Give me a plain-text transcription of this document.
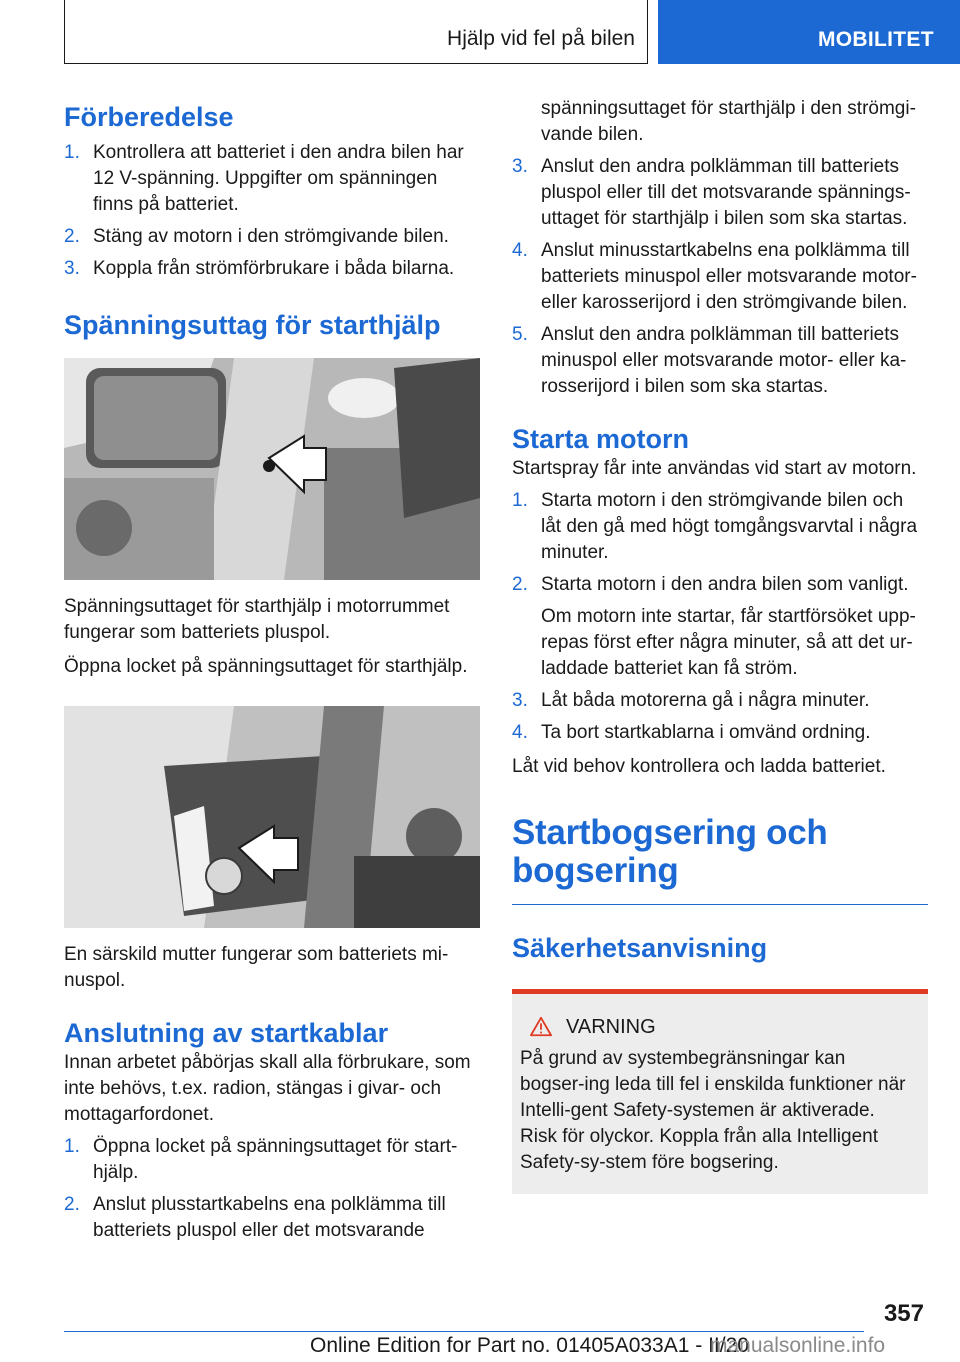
Hjälp vid fel på bilen	MOBILITET
Förberedelse
1. Kontrollera att batteriet i den andra bilen har 12 V-spänning. Uppgifter om spänningen finns på batteriet.
2. Stäng av motorn i den strömgivande bilen.
3. Koppla från strömförbrukare i båda bilarna.
Spänningsuttag för starthjälp

Spänningsuttaget för starthjälp i motorrummet fungerar som batteriets pluspol.

Öppna locket på spänningsuttaget för starthjälp.

En särskild mutter fungerar som batteriets mi-nuspol.

Anslutning av startkablar

Innan arbetet påbörjas skall alla förbrukare, som inte behövs, t.ex. radion, stängas i givar- och mottagarfordonet.

1. Öppna locket på spänningsuttaget för start-hjälp.
2. Anslut plusstartkabelns ena polklämma till batteriets pluspol eller det motsvarande

spänningsuttaget för starthjälp i den strömgi-vande bilen.

3. Anslut den andra polklämman till batteriets pluspol eller till det motsvarande spännings-uttaget för starthjälp i bilen som ska startas.
4. Anslut minusstartkabelns ena polklämma till batteriets minuspol eller motsvarande motor- eller karosserijord i den strömgivande bilen.
5. Anslut den andra polklämman till batteriets minuspol eller motsvarande motor- eller ka-rosserijord i bilen som ska startas.
Starta motorn

Startspray får inte användas vid start av motorn.

1. Starta motorn i den strömgivande bilen och låt den gå med högt tomgångsvarvtal i några minuter.
2. Starta motorn i den andra bilen som vanligt.

Om motorn inte startar, får startförsöket upp-repas först efter några minuter, så att det ur-laddade batteriet kan få ström.

3. Låt båda motorerna gå i några minuter.
4. Ta bort startkablarna i omvänd ordning.

Låt vid behov kontrollera och ladda batteriet.

Startbogsering och bogsering
Säkerhetsanvisning
VARNING

På grund av systembegränsningar kan bogser-ing leda till fel i enskilda funktioner när Intelli-gent Safety-systemen är aktiverade. Risk för olyckor. Koppla från alla Intelligent Safety-sy-stem före bogsering.

357
Online Edition for Part no. 01405A033A1 - II/20
manualsonline.info
